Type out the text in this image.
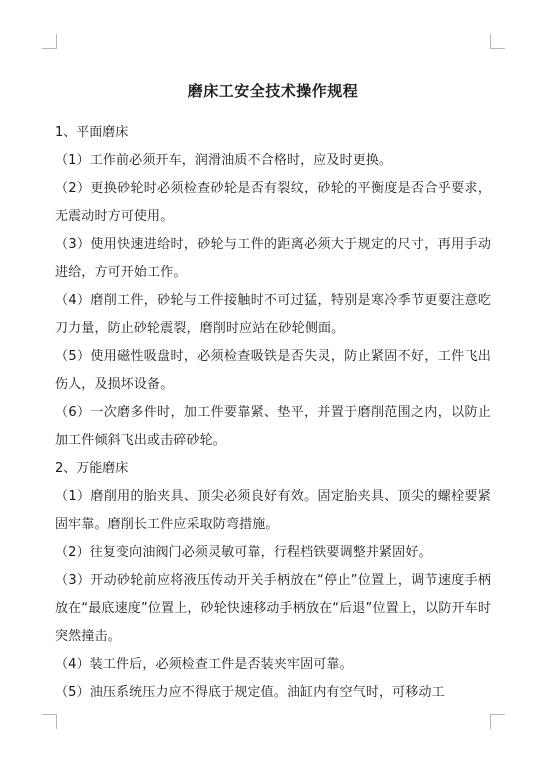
磨床工安全技术操作规程

1、平面磨床

（1）工作前必须开车，润滑油质不合格时，应及时更换。

（2）更换砂轮时必须检查砂轮是否有裂纹，砂轮的平衡度是否合乎要求，无震动时方可使用。

（3）使用快速进给时，砂轮与工件的距离必须大于规定的尺寸，再用手动进给，方可开始工作。

（4）磨削工件，砂轮与工件接触时不可过猛，特别是寒冷季节更要注意吃刀力量，防止砂轮震裂，磨削时应站在砂轮侧面。

（5）使用磁性吸盘时，必须检查吸铁是否失灵，防止紧固不好，工件飞出伤人，及损坏设备。

（6）一次磨多件时，加工件要靠紧、垫平，并置于磨削范围之内，以防止加工件倾斜飞出或击碎砂轮。

2、万能磨床

（1）磨削用的胎夹具、顶尖必须良好有效。固定胎夹具、顶尖的螺栓要紧固牢靠。磨削长工件应采取防弯措施。

（2）往复变向油阀门必须灵敏可靠，行程档铁要调整并紧固好。

（3）开动砂轮前应将液压传动开关手柄放在“停止”位置上，调节速度手柄放在“最底速度”位置上，砂轮快速移动手柄放在“后退”位置上，以防开车时突然撞击。

（4）装工件后，必须检查工件是否装夹牢固可靠。

（5）油压系统压力应不得底于规定值。油缸内有空气时，可移动工
